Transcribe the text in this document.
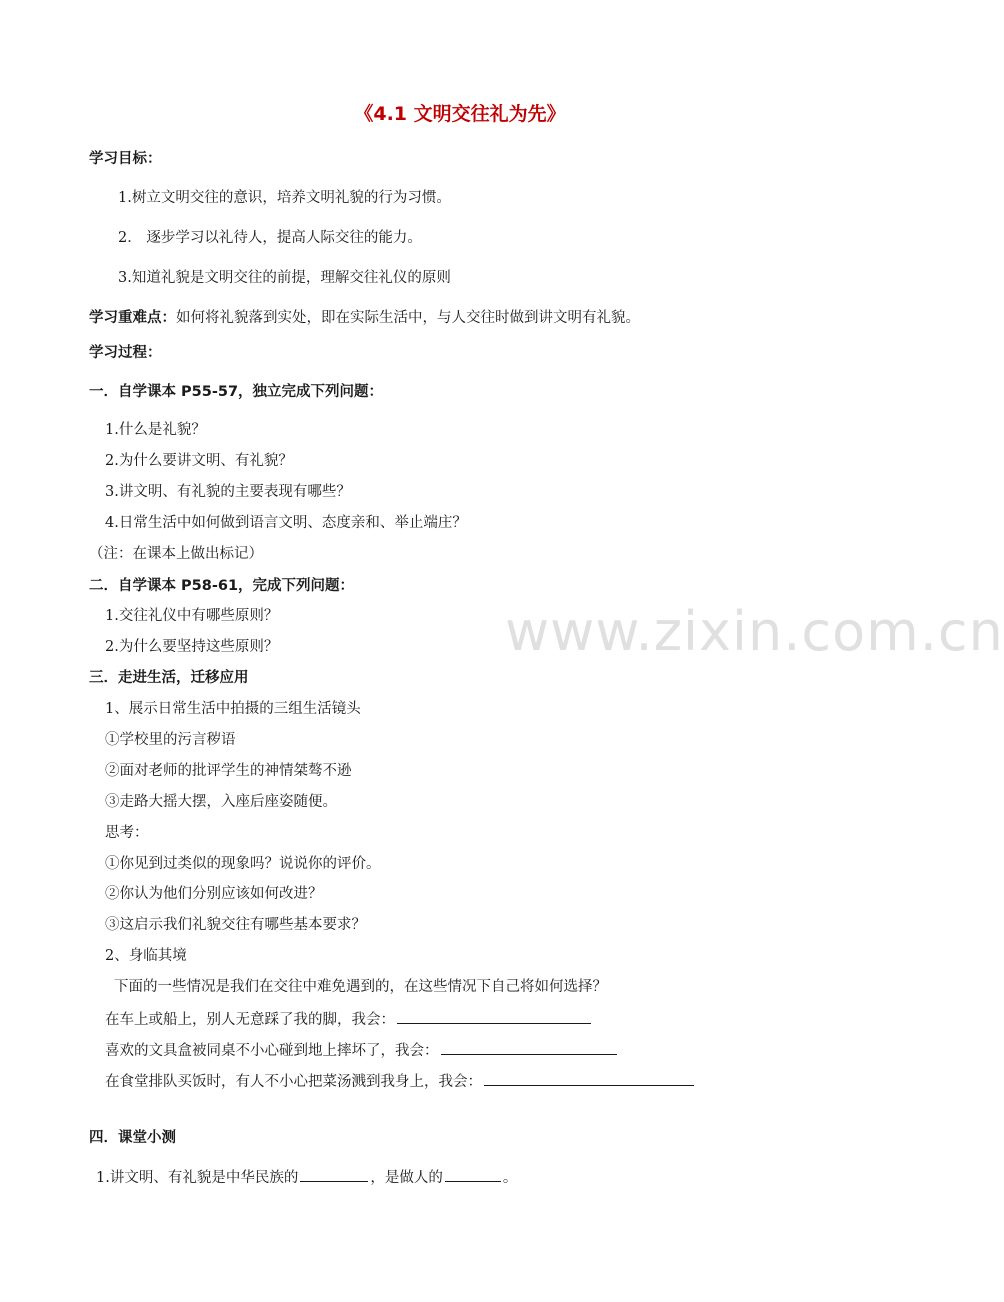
《4.1 文明交往礼为先》
学习目标：
1.树立文明交往的意识，培养文明礼貌的行为习惯。
2． 逐步学习以礼待人，提高人际交往的能力。
3.知道礼貌是文明交往的前提，理解交往礼仪的原则
学习重难点：如何将礼貌落到实处，即在实际生活中，与人交往时做到讲文明有礼貌。
学习过程：
一．自学课本 P55-57，独立完成下列问题：
1.什么是礼貌？
2.为什么要讲文明、有礼貌？
3.讲文明、有礼貌的主要表现有哪些？
4.日常生活中如何做到语言文明、态度亲和、举止端庄？
（注：在课本上做出标记）
二．自学课本 P58-61，完成下列问题：
1.交往礼仪中有哪些原则？
2.为什么要坚持这些原则？
三．走进生活，迁移应用
1、展示日常生活中拍摄的三组生活镜头
①学校里的污言秽语
②面对老师的批评学生的神情桀骜不逊
③走路大摇大摆，入座后座姿随便。
思考：
①你见到过类似的现象吗？说说你的评价。
②你认为他们分别应该如何改进？
③这启示我们礼貌交往有哪些基本要求？
2、身临其境
下面的一些情况是我们在交往中难免遇到的，在这些情况下自己将如何选择？
在车上或船上，别人无意踩了我的脚，我会：
喜欢的文具盒被同桌不小心碰到地上摔坏了，我会：
在食堂排队买饭时，有人不小心把菜汤溅到我身上，我会：
四．课堂小测
1.讲文明、有礼貌是中华民族的	，是做人的	。
www.zixin.com.cn
